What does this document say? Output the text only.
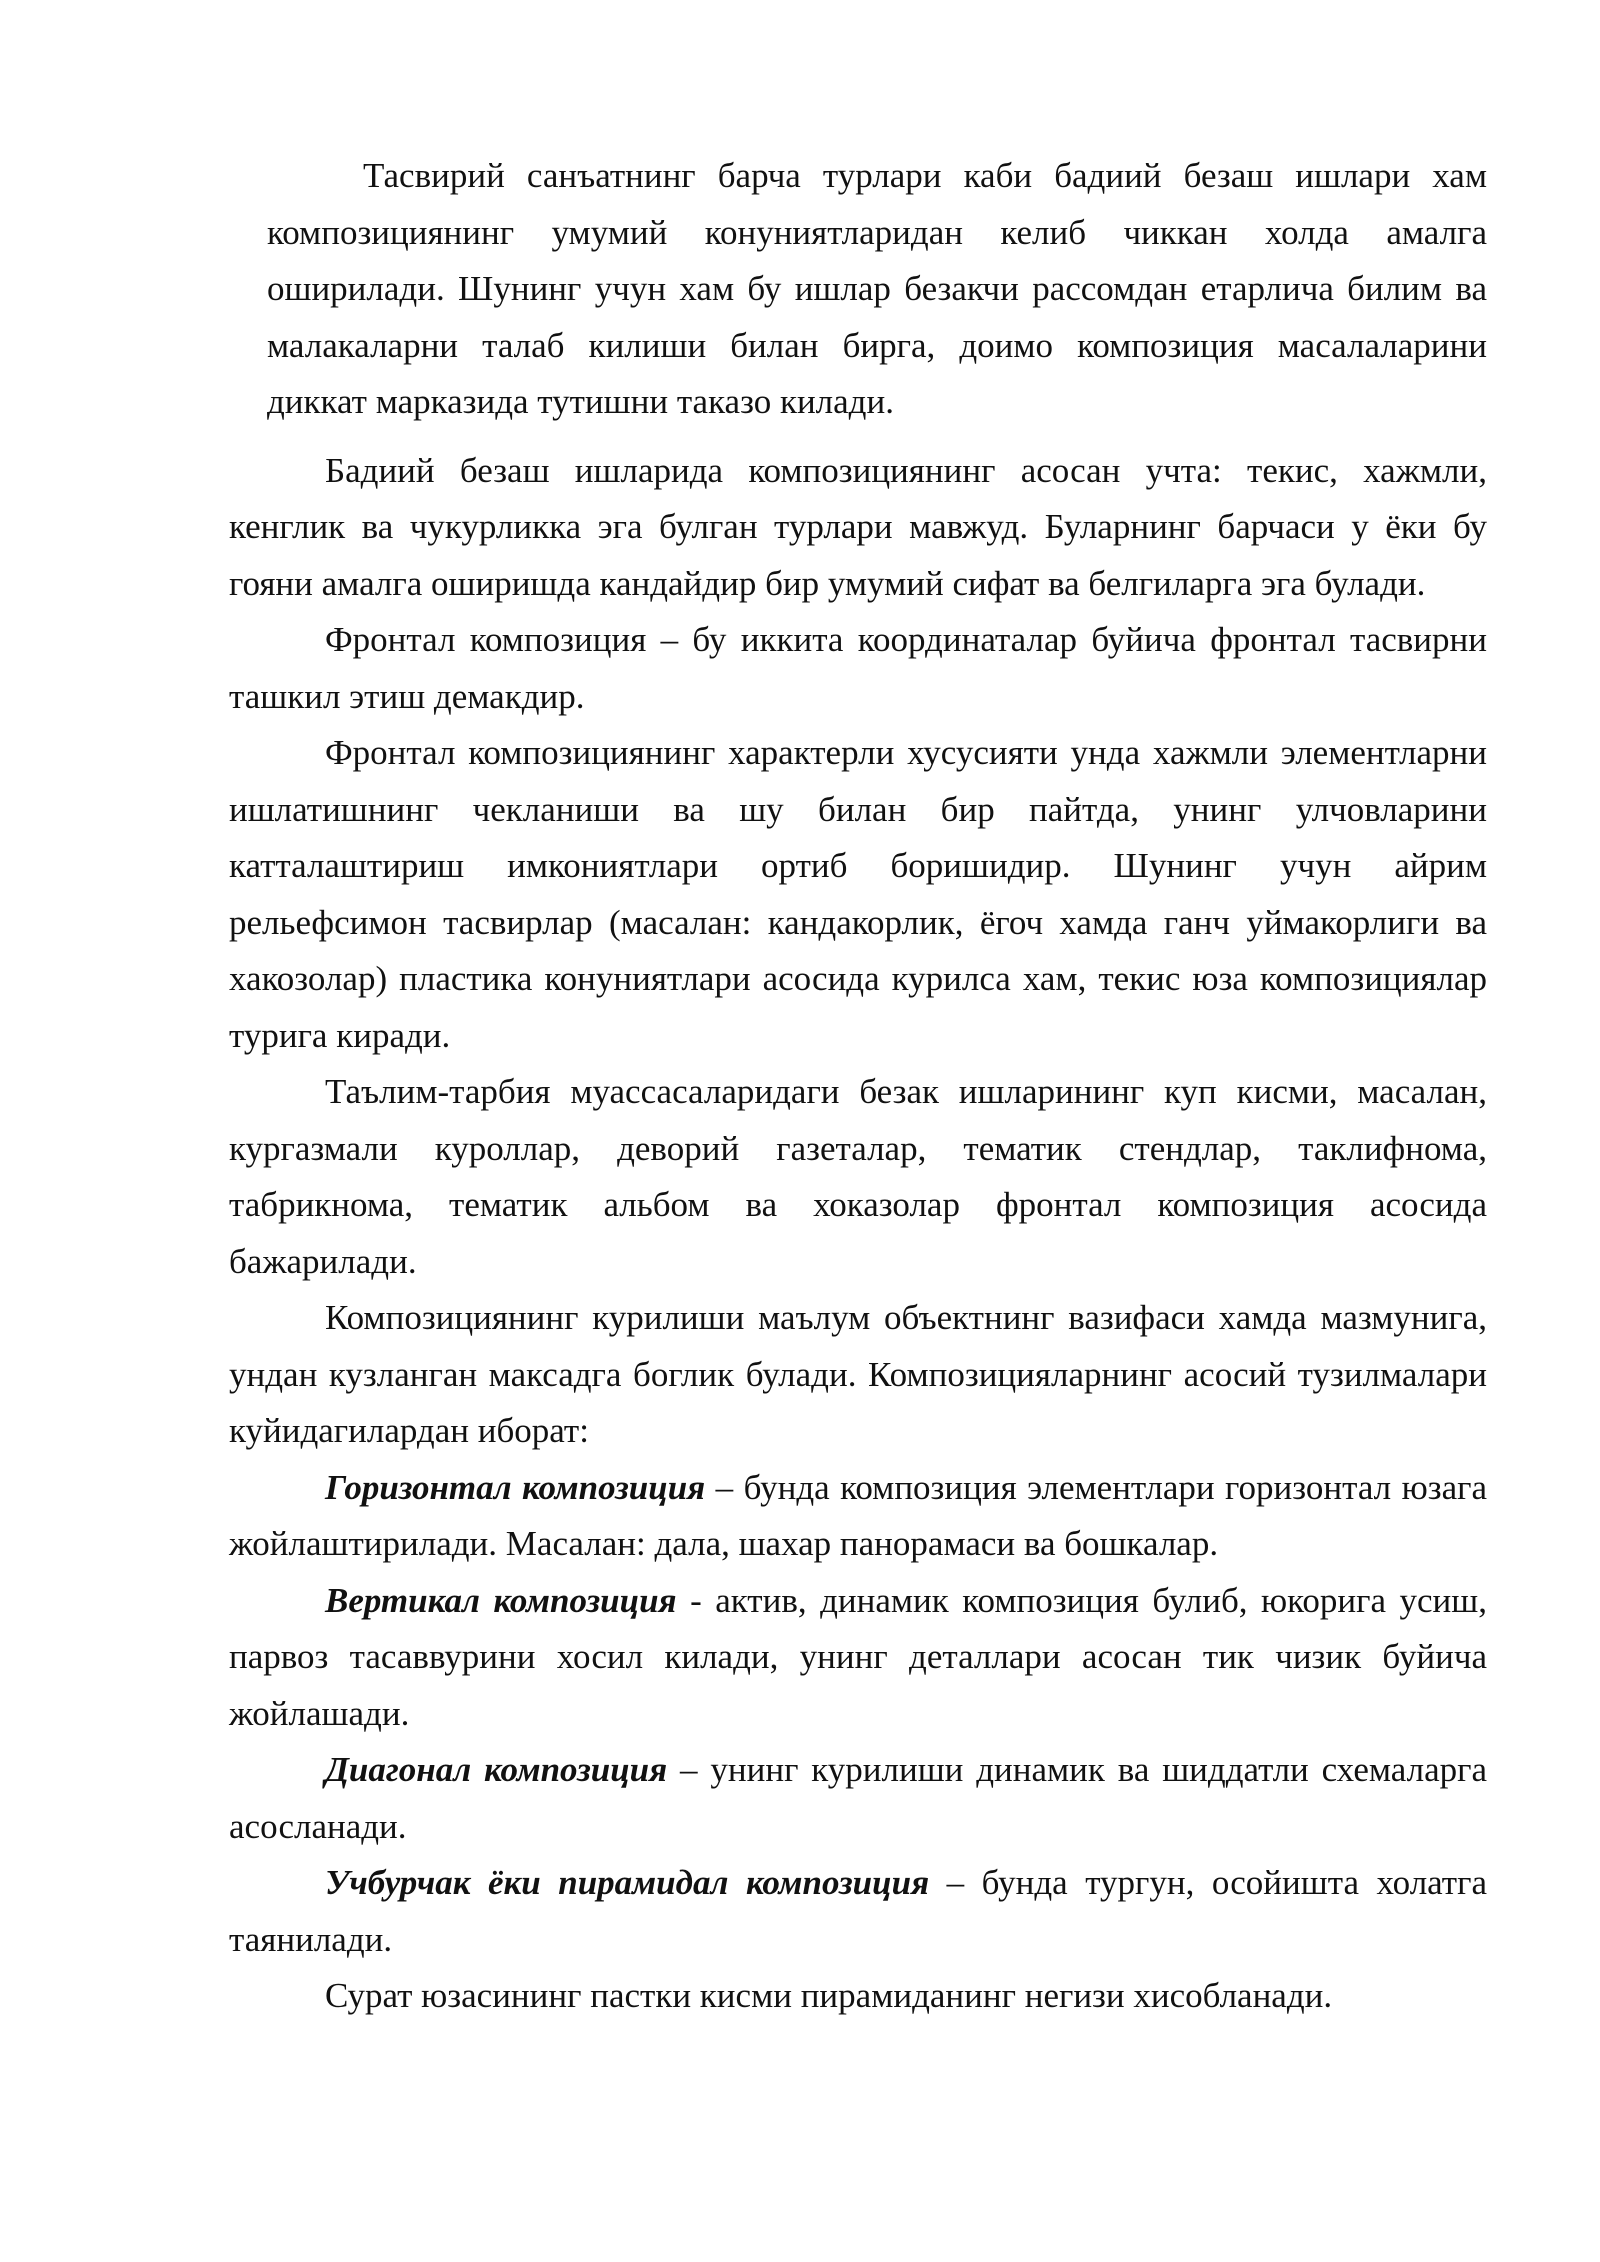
Тасвирий санъатнинг барча турлари каби бадиий безаш ишлари хам композициянинг умумий конуниятларидан келиб чиккан холда амалга оширилади. Шунинг учун хам бу ишлар безакчи рассомдан етарлича билим ва малакаларни талаб килиши билан бирга, доимо композиция масалаларини диккат марказида тутишни таказо килади.

Бадиий безаш ишларида композициянинг асосан учта: текис, хажмли, кенглик ва чукурликка эга булган турлари мавжуд. Буларнинг барчаси у ёки бу гояни амалга оширишда кандайдир бир умумий сифат ва белгиларга эга булади.

Фронтал композиция – бу иккита координаталар буйича фронтал тасвирни ташкил этиш демакдир.

Фронтал композициянинг характерли хусусияти унда хажмли элементларни ишлатишнинг чекланиши ва шу билан бир пайтда, унинг улчовларини катталаштириш имкониятлари ортиб боришидир. Шунинг учун айрим рельефсимон тасвирлар (масалан: кандакорлик, ёгоч хамда ганч уймакорлиги ва хакозолар) пластика конуниятлари асосида курилса хам, текис юза композициялар турига киради.

Таълим-тарбия муассасаларидаги безак ишларининг куп кисми, масалан, кургазмали куроллар, деворий газеталар, тематик стендлар, таклифнома, табрикнома, тематик альбом ва хоказолар фронтал композиция асосида бажарилади.

Композициянинг курилиши маълум объектнинг вазифаси хамда мазмунига, ундан кузланган максадга боглик булади. Композицияларнинг асосий тузилмалари куйидагилардан иборат:

Горизонтал композиция – бунда композиция элементлари горизонтал юзага жойлаштирилади. Масалан: дала, шахар панорамаси ва бошкалар.

Вертикал композиция - актив, динамик композиция булиб, юкорига усиш, парвоз тасаввурини хосил килади, унинг деталлари асосан тик чизик буйича жойлашади.

Диагонал композиция – унинг курилиши динамик ва шиддатли схемаларга асосланади.

Учбурчак ёки пирамидал композиция – бунда тургун, осойишта холатга таянилади.

Сурат юзасининг пастки кисми пирамиданинг негизи хисобланади.
